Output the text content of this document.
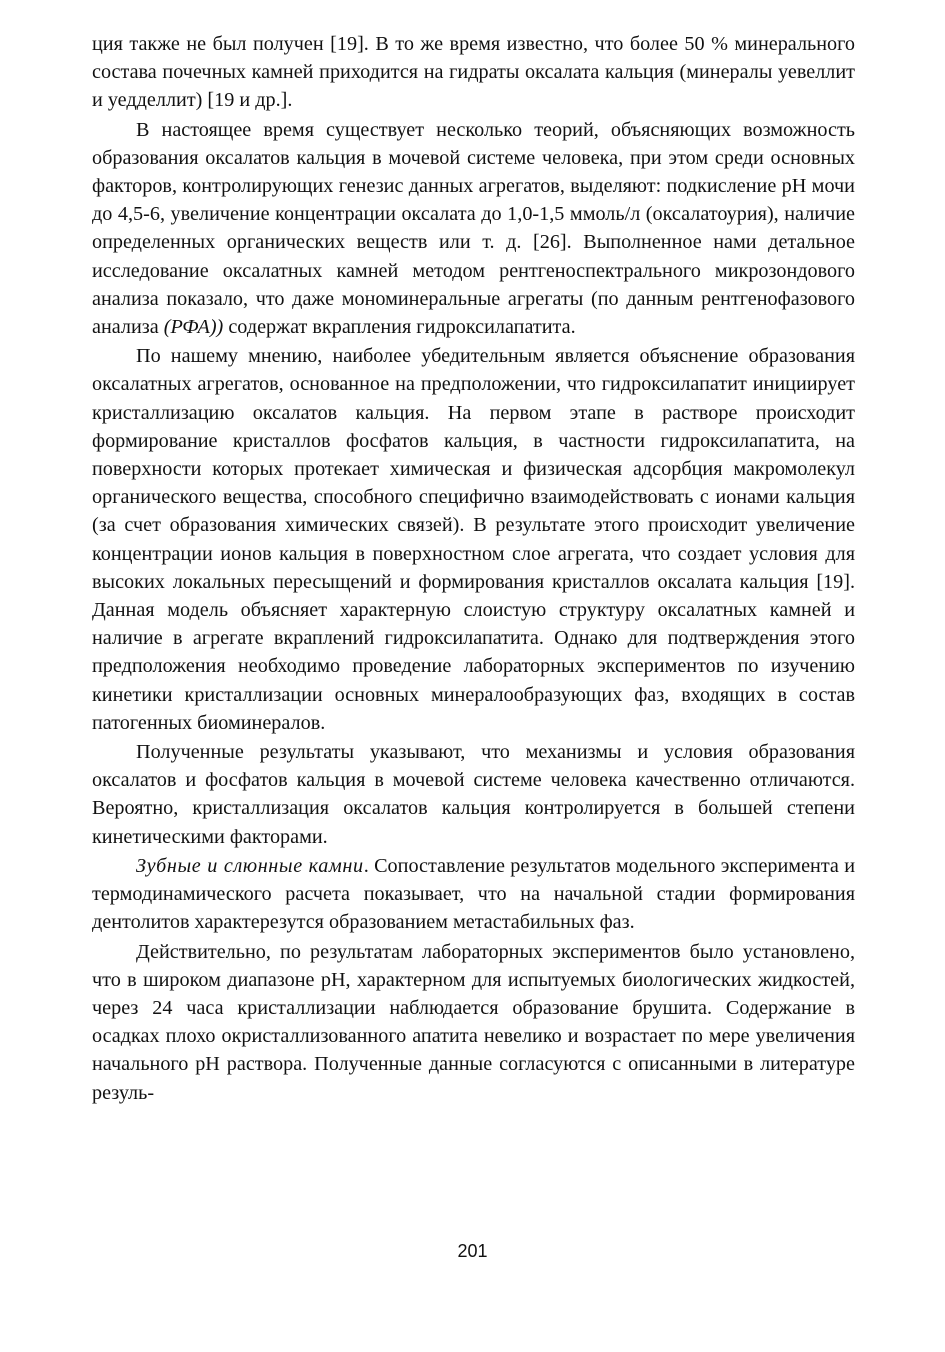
ция также не был получен [19]. В то же время известно, что более 50 % минерального состава почечных камней приходится на гидраты оксалата кальция (минералы уевеллит и уедделлит) [19 и др.].

В настоящее время существует несколько теорий, объясняющих возможность образования оксалатов кальция в мочевой системе человека, при этом среди основных факторов, контролирующих генезис данных агрегатов, выделяют: подкисление pH мочи до 4,5-6, увеличение концентрации оксалата до 1,0-1,5 ммоль/л (оксалатоурия), наличие определенных органических веществ или т. д. [26]. Выполненное нами детальное исследование оксалатных камней методом рентгеноспектрального микрозондового анализа показало, что даже мономинеральные агрегаты (по данным рентгенофазового анализа (РФА)) содержат вкрапления гидроксилапатита.

По нашему мнению, наиболее убедительным является объяснение образования оксалатных агрегатов, основанное на предположении, что гидроксилапатит инициирует кристаллизацию оксалатов кальция. На первом этапе в растворе происходит формирование кристаллов фосфатов кальция, в частности гидроксилапатита, на поверхности которых протекает химическая и физическая адсорбция макромолекул органического вещества, способного специфично взаимодействовать с ионами кальция (за счет образования химических связей). В результате этого происходит увеличение концентрации ионов кальция в поверхностном слое агрегата, что создает условия для высоких локальных пересыщений и формирования кристаллов оксалата кальция [19]. Данная модель объясняет характерную слоистую структуру оксалатных камней и наличие в агрегате вкраплений гидроксилапатита. Однако для подтверждения этого предположения необходимо проведение лабораторных экспериментов по изучению кинетики кристаллизации основных минералообразующих фаз, входящих в состав патогенных биоминералов.

Полученные результаты указывают, что механизмы и условия образования оксалатов и фосфатов кальция в мочевой системе человека качественно отличаются. Вероятно, кристаллизация оксалатов кальция контролируется в большей степени кинетическими факторами.

Зубные и слюнные камни. Сопоставление результатов модельного эксперимента и термодинамического расчета показывает, что на начальной стадии формирования дентолитов характерезутся образованием метастабильных фаз.

Действительно, по результатам лабораторных экспериментов было установлено, что в широком диапазоне pH, характерном для испытуемых биологических жидкостей, через 24 часа кристаллизации наблюдается образование брушита. Содержание в осадках плохо окристаллизованного апатита невелико и возрастает по мере увеличения начального pH раствора. Полученные данные согласуются с описанными в литературе резуль-

201
